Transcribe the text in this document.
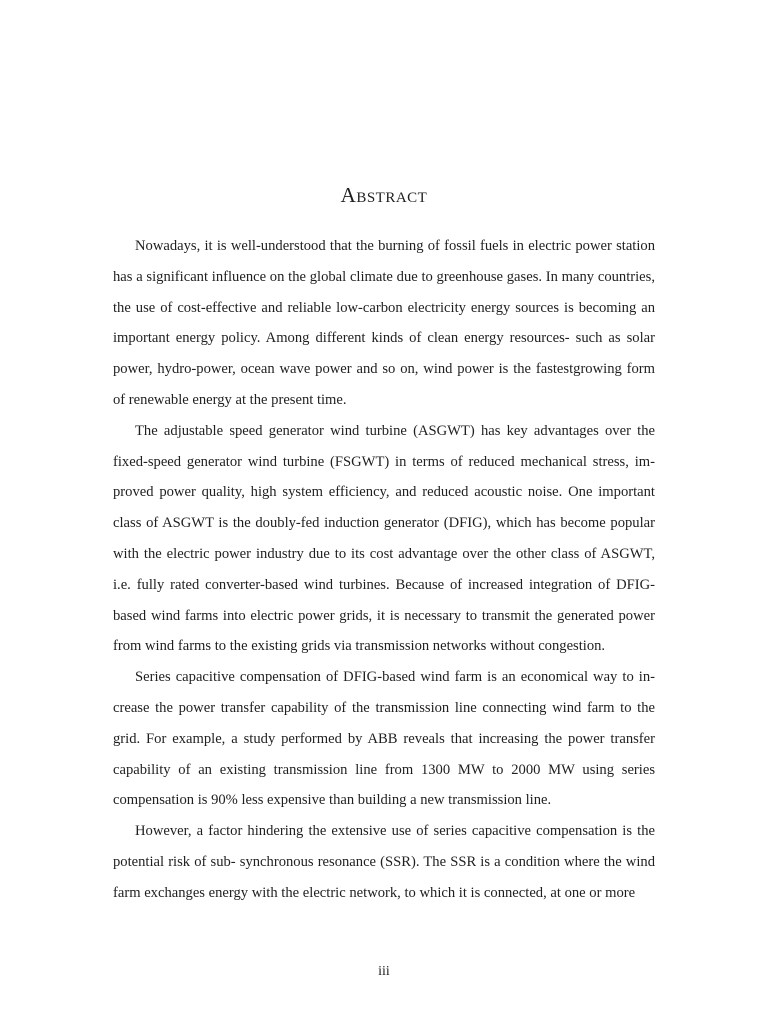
Abstract

Nowadays, it is well-understood that the burning of fossil fuels in electric power station has a significant influence on the global climate due to greenhouse gases. In many countries, the use of cost-effective and reliable low-carbon electricity energy sources is becoming an important energy policy. Among different kinds of clean energy resources- such as solar power, hydro-power, ocean wave power and so on, wind power is the fastestgrowing form of renewable energy at the present time.

The adjustable speed generator wind turbine (ASGWT) has key advantages over the fixed-speed generator wind turbine (FSGWT) in terms of reduced mechanical stress, improved power quality, high system efficiency, and reduced acoustic noise. One important class of ASGWT is the doubly-fed induction generator (DFIG), which has become popular with the electric power industry due to its cost advantage over the other class of ASGWT, i.e. fully rated converter-based wind turbines. Because of increased integration of DFIG-based wind farms into electric power grids, it is necessary to transmit the generated power from wind farms to the existing grids via transmission networks without congestion.

Series capacitive compensation of DFIG-based wind farm is an economical way to increase the power transfer capability of the transmission line connecting wind farm to the grid. For example, a study performed by ABB reveals that increasing the power transfer capability of an existing transmission line from 1300 MW to 2000 MW using series compensation is 90% less expensive than building a new transmission line.

However, a factor hindering the extensive use of series capacitive compensation is the potential risk of sub- synchronous resonance (SSR). The SSR is a condition where the wind farm exchanges energy with the electric network, to which it is connected, at one or more

iii
